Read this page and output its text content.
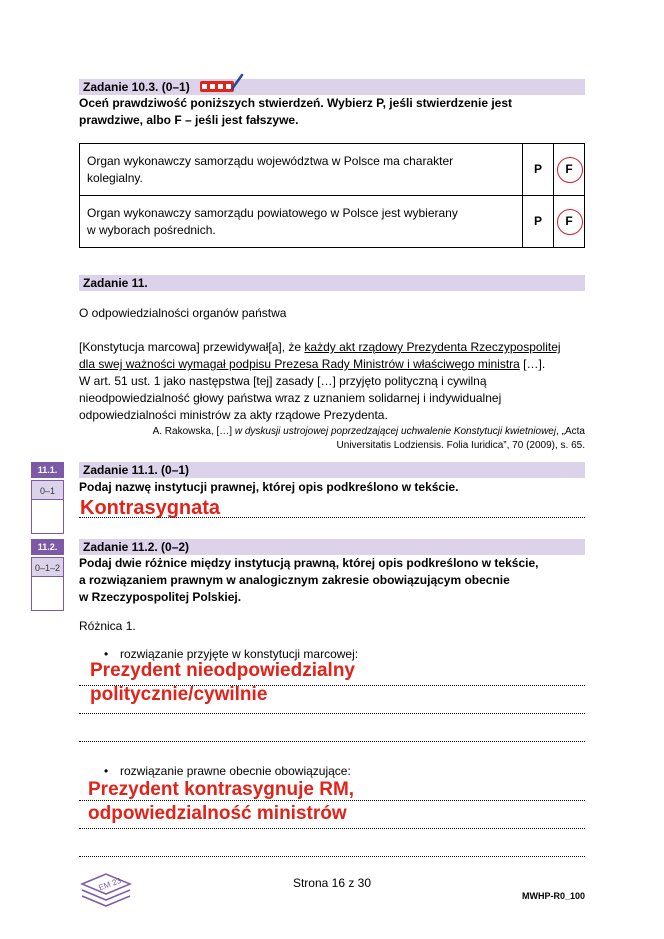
Zadanie 10.3. (0–1)
Oceń prawdziwość poniższych stwierdzeń. Wybierz P, jeśli stwierdzenie jest
prawdziwe, albo F – jeśli jest fałszywe.
Organ wykonawczy samorządu województwa w Polsce ma charakter
kolegialny.	P	F

Organ wykonawczy samorządu powiatowego w Polsce jest wybierany
w wyborach pośrednich.	P	F
Zadanie 11.
O odpowiedzialności organów państwa
[Konstytucja marcowa] przewidywał[a], że każdy akt rządowy Prezydenta Rzeczypospolitej
dla swej ważności wymagał podpisu Prezesa Rady Ministrów i właściwego ministra […].
W art. 51 ust. 1 jako następstwa [tej] zasady […] przyjęto polityczną i cywilną
nieodpowiedzialność głowy państwa wraz z uznaniem solidarnej i indywidualnej
odpowiedzialności ministrów za akty rządowe Prezydenta.
A. Rakowska, […] w dyskusji ustrojowej poprzedzającej uchwalenie Konstytucji kwietniowej, „Acta
Universitatis Lodziensis. Folia Iuridica”, 70 (2009), s. 65.
11.1.
0–1
Zadanie 11.1. (0–1)
Podaj nazwę instytucji prawnej, której opis podkreślono w tekście.
Kontrasygnata
11.2.
0–1–2
Zadanie 11.2. (0–2)
Podaj dwie różnice między instytucją prawną, której opis podkreślono w tekście,
a rozwiązaniem prawnym w analogicznym zakresie obowiązującym obecnie
w Rzeczypospolitej Polskiej.
Różnica 1.
• rozwiązanie przyjęte w konstytucji marcowej:
Prezydent nieodpowiedzialny
politycznie/cywilnie
• rozwiązanie prawne obecnie obowiązujące:
Prezydent kontrasygnuje RM,
odpowiedzialność ministrów
EM 23	Strona 16 z 30
MWHP-R0_100
